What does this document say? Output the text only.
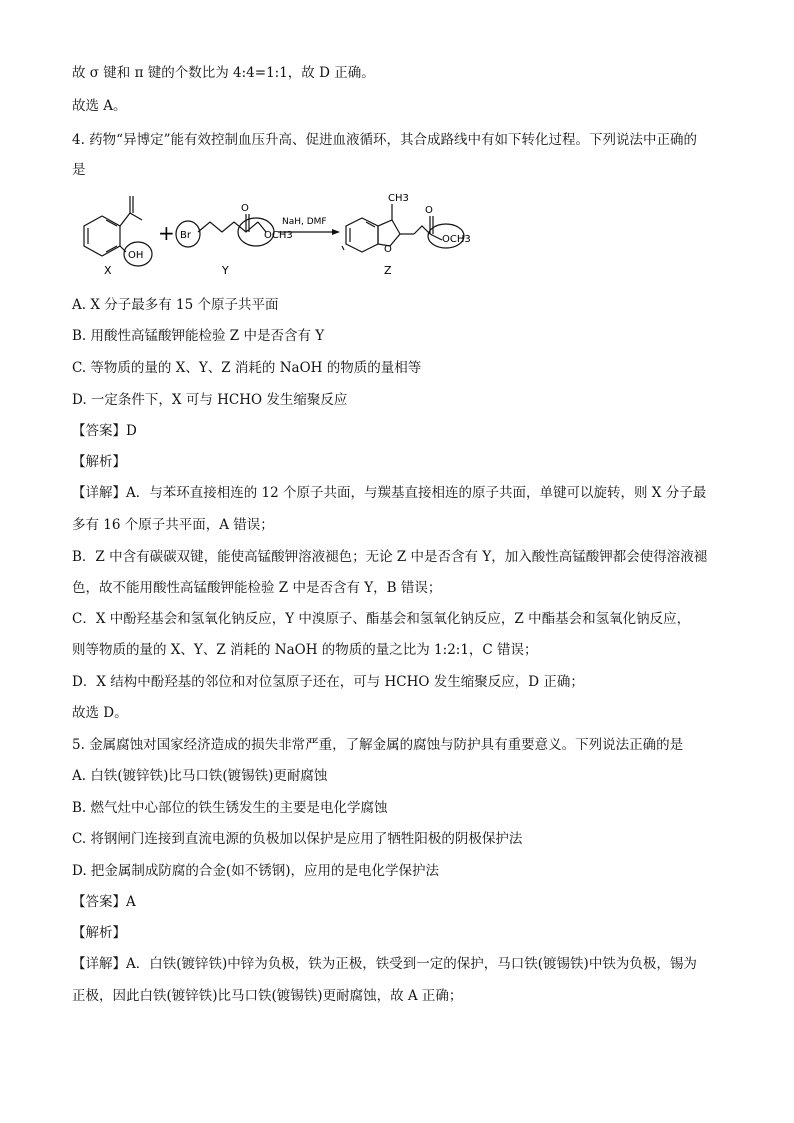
故 σ 键和 π 键的个数比为 4:4=1:1，故 D 正确。
故选 A。
4. 药物“异博定”能有效控制血压升高、促进血液循环，其合成路线中有如下转化过程。下列说法中正确的
是
OH
X
+ Br
O
OCH3
Y
NaH, DMF
CH3
O
O
OCH3
Z
A. X 分子最多有 15 个原子共平面
B. 用酸性高锰酸钾能检验 Z 中是否含有 Y
C. 等物质的量的 X、Y、Z 消耗的 NaOH 的物质的量相等
D. 一定条件下，X 可与 HCHO 发生缩聚反应
【答案】D
【解析】
【详解】A．与苯环直接相连的 12 个原子共面，与羰基直接相连的原子共面，单键可以旋转，则 X 分子最
多有 16 个原子共平面，A 错误；
B．Z 中含有碳碳双键，能使高锰酸钾溶液褪色；无论 Z 中是否含有 Y，加入酸性高锰酸钾都会使得溶液褪
色，故不能用酸性高锰酸钾能检验 Z 中是否含有 Y，B 错误；
C．X 中酚羟基会和氢氧化钠反应，Y 中溴原子、酯基会和氢氧化钠反应，Z 中酯基会和氢氧化钠反应，
则等物质的量的 X、Y、Z 消耗的 NaOH 的物质的量之比为 1:2:1，C 错误；
D．X 结构中酚羟基的邻位和对位氢原子还在，可与 HCHO 发生缩聚反应，D 正确；
故选 D。
5. 金属腐蚀对国家经济造成的损失非常严重，了解金属的腐蚀与防护具有重要意义。下列说法正确的是
A. 白铁(镀锌铁)比马口铁(镀锡铁)更耐腐蚀
B. 燃气灶中心部位的铁生锈发生的主要是电化学腐蚀
C. 将钢闸门连接到直流电源的负极加以保护是应用了牺牲阳极的阴极保护法
D. 把金属制成防腐的合金(如不锈钢)，应用的是电化学保护法
【答案】A
【解析】
【详解】A．白铁(镀锌铁)中锌为负极，铁为正极，铁受到一定的保护，马口铁(镀锡铁)中铁为负极，锡为
正极，因此白铁(镀锌铁)比马口铁(镀锡铁)更耐腐蚀，故 A 正确；
